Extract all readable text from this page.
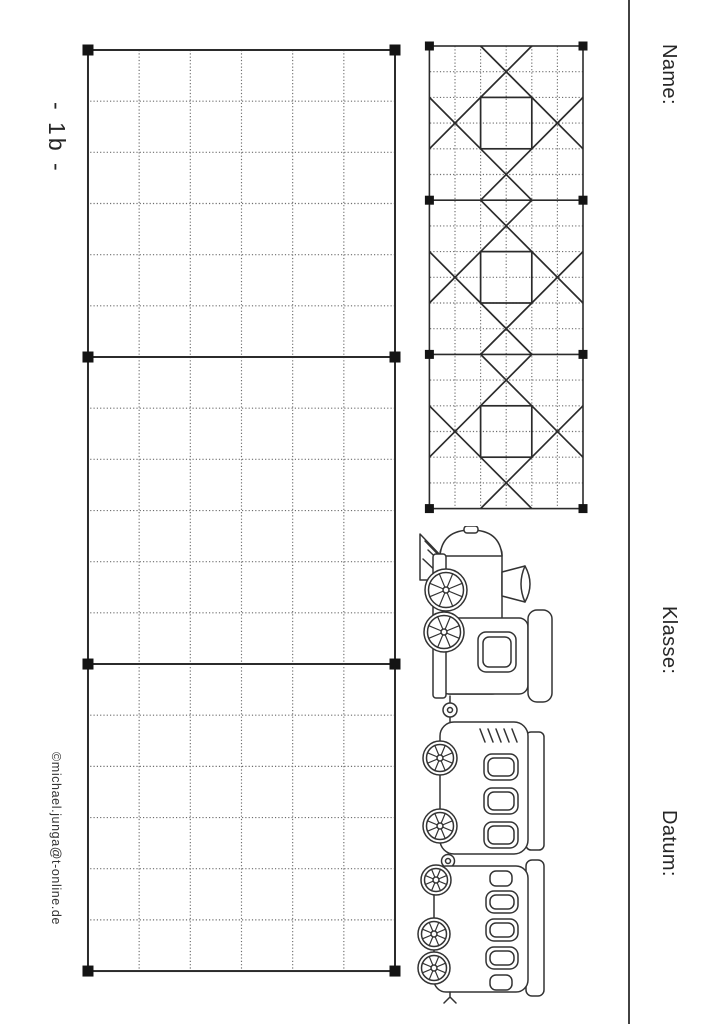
Name:
Klasse:
Datum:
- 1b -
©michael.junga@t-online.de
